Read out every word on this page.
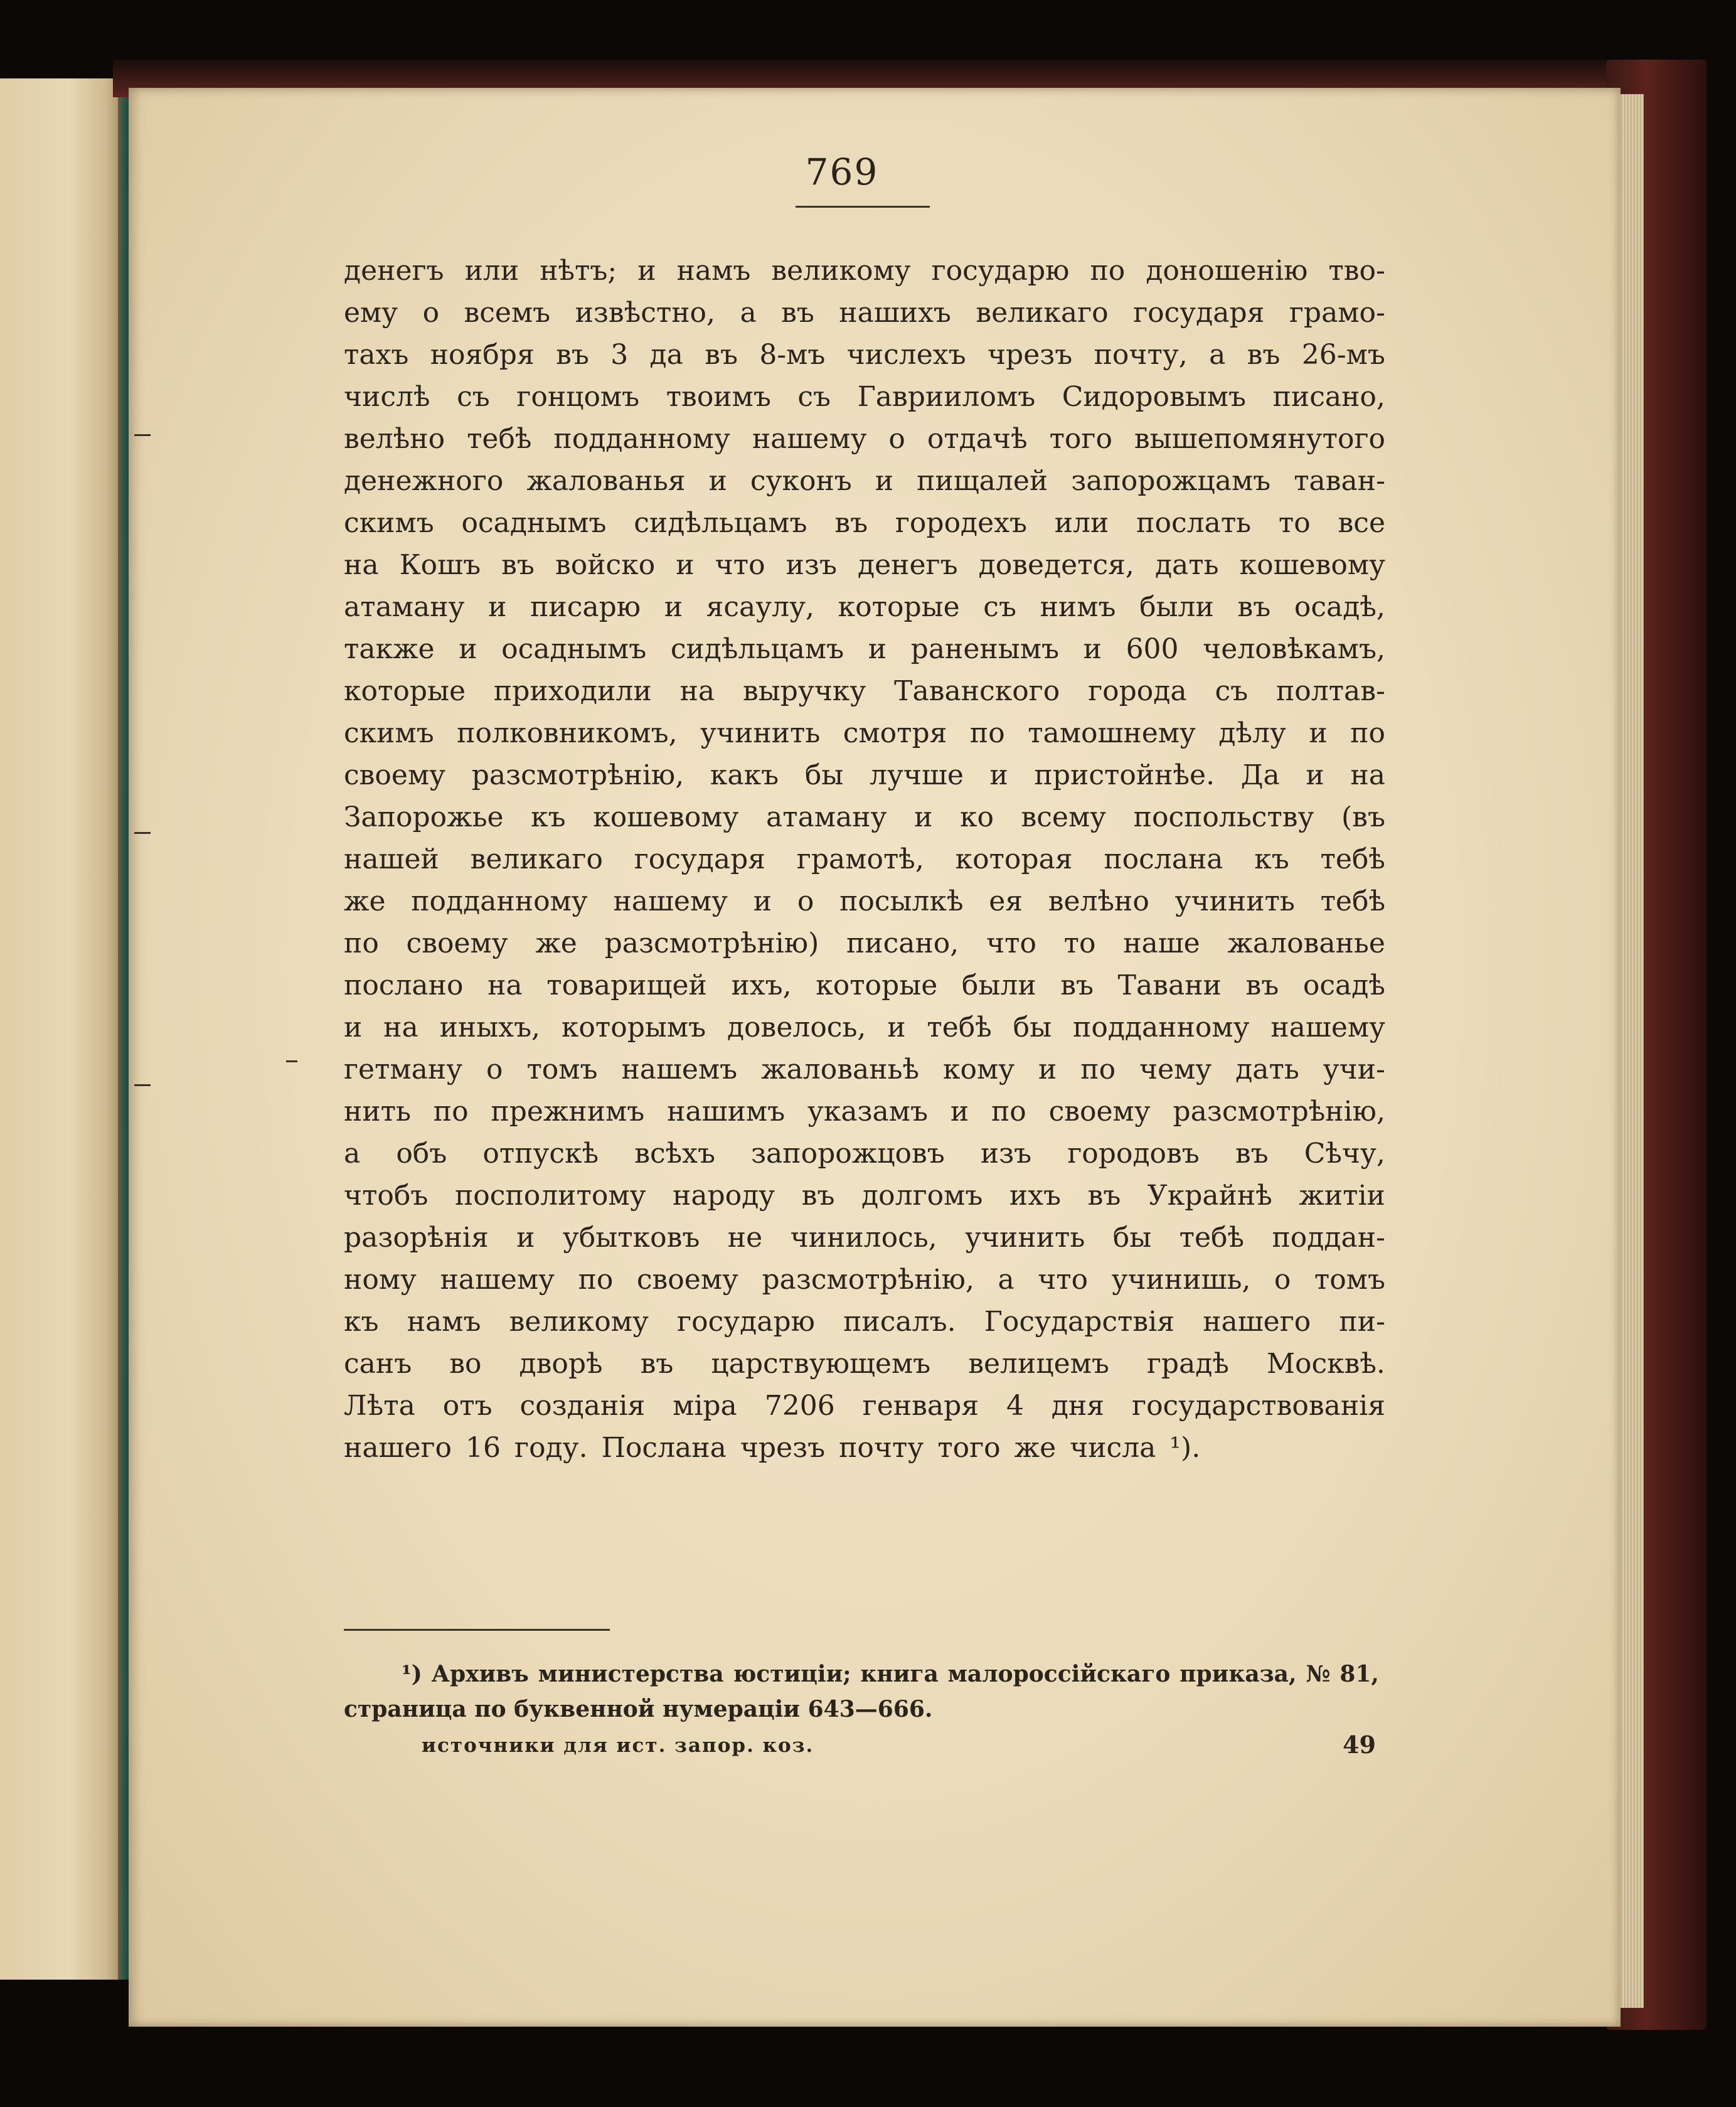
769
денегъ или нѣтъ; и намъ великому государю по доношенію тво-
ему о всемъ извѣстно, а въ нашихъ великаго государя грамо-
тахъ ноября въ 3 да въ 8-мъ числехъ чрезъ почту, а въ 26-мъ
числѣ съ гонцомъ твоимъ съ Гаврииломъ Сидоровымъ писано,
велѣно тебѣ подданному нашему о отдачѣ того вышепомянутого
денежного жалованья и суконъ и пищалей запорожцамъ таван-
скимъ осаднымъ сидѣльцамъ въ городехъ или послать то все
на Кошъ въ войско и что изъ денегъ доведется, дать кошевому
атаману и писарю и ясаулу, которые съ нимъ были въ осадѣ,
также и осаднымъ сидѣльцамъ и раненымъ и 600 человѣкамъ,
которые приходили на выручку Таванского города съ полтав-
скимъ полковникомъ, учинить смотря по тамошнему дѣлу и по
своему разсмотрѣнію, какъ бы лучше и пристойнѣе. Да и на
Запорожье къ кошевому атаману и ко всему поспольству (въ
нашей великаго государя грамотѣ, которая послана къ тебѣ
же подданному нашему и о посылкѣ ея велѣно учинить тебѣ
по своему же разсмотрѣнію) писано, что то наше жалованье
послано на товарищей ихъ, которые были въ Тавани въ осадѣ
и на иныхъ, которымъ довелось, и тебѣ бы подданному нашему
гетману о томъ нашемъ жалованьѣ кому и по чему дать учи-
нить по прежнимъ нашимъ указамъ и по своему разсмотрѣнію,
а объ отпускѣ всѣхъ запорожцовъ изъ городовъ въ Сѣчу,
чтобъ посполитому народу въ долгомъ ихъ въ Украйнѣ житіи
разорѣнія и убытковъ не чинилось, учинить бы тебѣ поддан-
ному нашему по своему разсмотрѣнію, а что учинишь, о томъ
къ намъ великому государю писалъ. Государствія нашего пи-
санъ во дворѣ въ царствующемъ велицемъ градѣ Москвѣ.
Лѣта отъ созданія міра 7206 генваря 4 дня государствованія
нашего 16 году. Послана чрезъ почту того же числа ¹).
¹) Архивъ министерства юстиціи; книга малороссійскаго приказа, № 81,
страница по буквенной нумераціи 643—666.
источники для ист. запор. коз.	49
